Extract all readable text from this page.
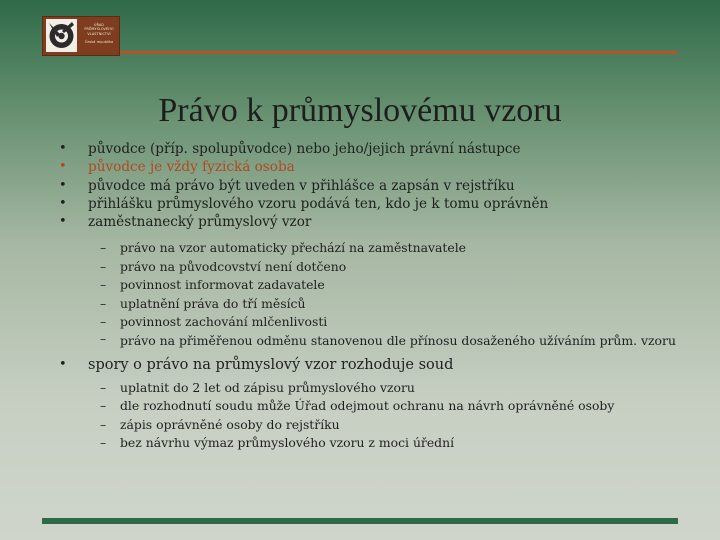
ÚŘAD
PRŮMYSLOVÉHO
VLASTNICTVÍ
Česká republika
Právo k průmyslovému vzoru
• původce (příp. spolupůvodce) nebo jeho/jejich právní nástupce
• původce je vždy fyzická osoba
• původce má právo být uveden v přihlášce a zapsán v rejstříku
• přihlášku průmyslového vzoru podává ten, kdo je k tomu oprávněn
• zaměstnanecký průmyslový vzor
– právo na vzor automaticky přechází na zaměstnavatele
– právo na původcovství není dotčeno
– povinnost informovat zadavatele
– uplatnění práva do tří měsíců
– povinnost zachování mlčenlivosti
– právo na přiměřenou odměnu stanovenou dle přínosu dosaženého užíváním prům. vzoru
• spory o právo na průmyslový vzor rozhoduje soud
– uplatnit do 2 let od zápisu průmyslového vzoru
– dle rozhodnutí soudu může Úřad odejmout ochranu na návrh oprávněné osoby
– zápis oprávněné osoby do rejstříku
– bez návrhu výmaz průmyslového vzoru z moci úřední
